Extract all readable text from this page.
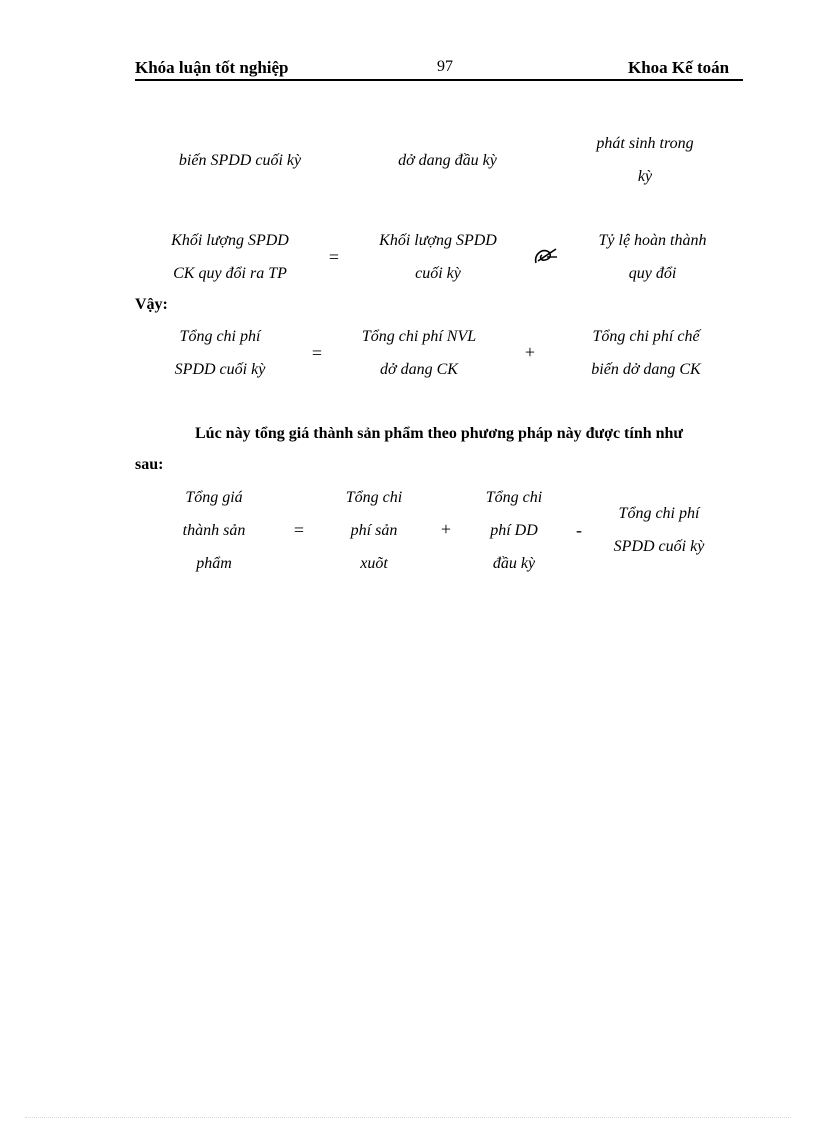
Khóa luận tốt nghiệp	97	Khoa Kế toán
biến SPDD cuối kỳ	dở dang đầu kỳ
phát sinh trong
kỳ
Khối lượng SPDD
CK quy đổi ra TP
=
Khối lượng SPDD
cuối kỳ
Tỷ lệ hoàn thành
quy đổi
Vậy:
Tổng chi phí
SPDD cuối kỳ
=
Tổng chi phí NVL
dở dang CK
+
Tổng chi phí chế
biến dở dang CK
Lúc này tổng giá thành sản phẩm theo phương pháp này được tính như
sau:
Tổng giá
thành sản
phẩm
=
Tổng chi
phí sản
xuõt
+
Tổng chi
phí DD
đầu kỳ
-
Tổng chi phí
SPDD cuối kỳ
